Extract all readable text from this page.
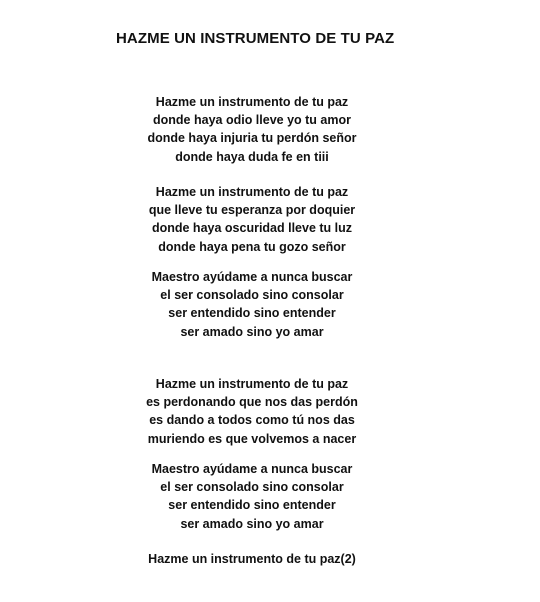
HAZME UN INSTRUMENTO DE TU PAZ
Hazme un instrumento de tu paz
donde haya odio lleve yo tu amor
donde haya injuria tu perdón señor
donde haya duda fe en tiii
Hazme un instrumento de tu paz
que lleve tu esperanza por doquier
donde haya oscuridad lleve tu luz
donde haya pena tu gozo señor
Maestro ayúdame a nunca buscar
el ser consolado sino consolar
ser entendido sino entender
ser amado sino yo amar
Hazme un instrumento de tu paz
es perdonando que nos das perdón
es dando a todos como tú nos das
muriendo es que volvemos a nacer
Maestro ayúdame a nunca buscar
el ser consolado sino consolar
ser entendido sino entender
ser amado sino yo amar
Hazme un instrumento de tu paz(2)
